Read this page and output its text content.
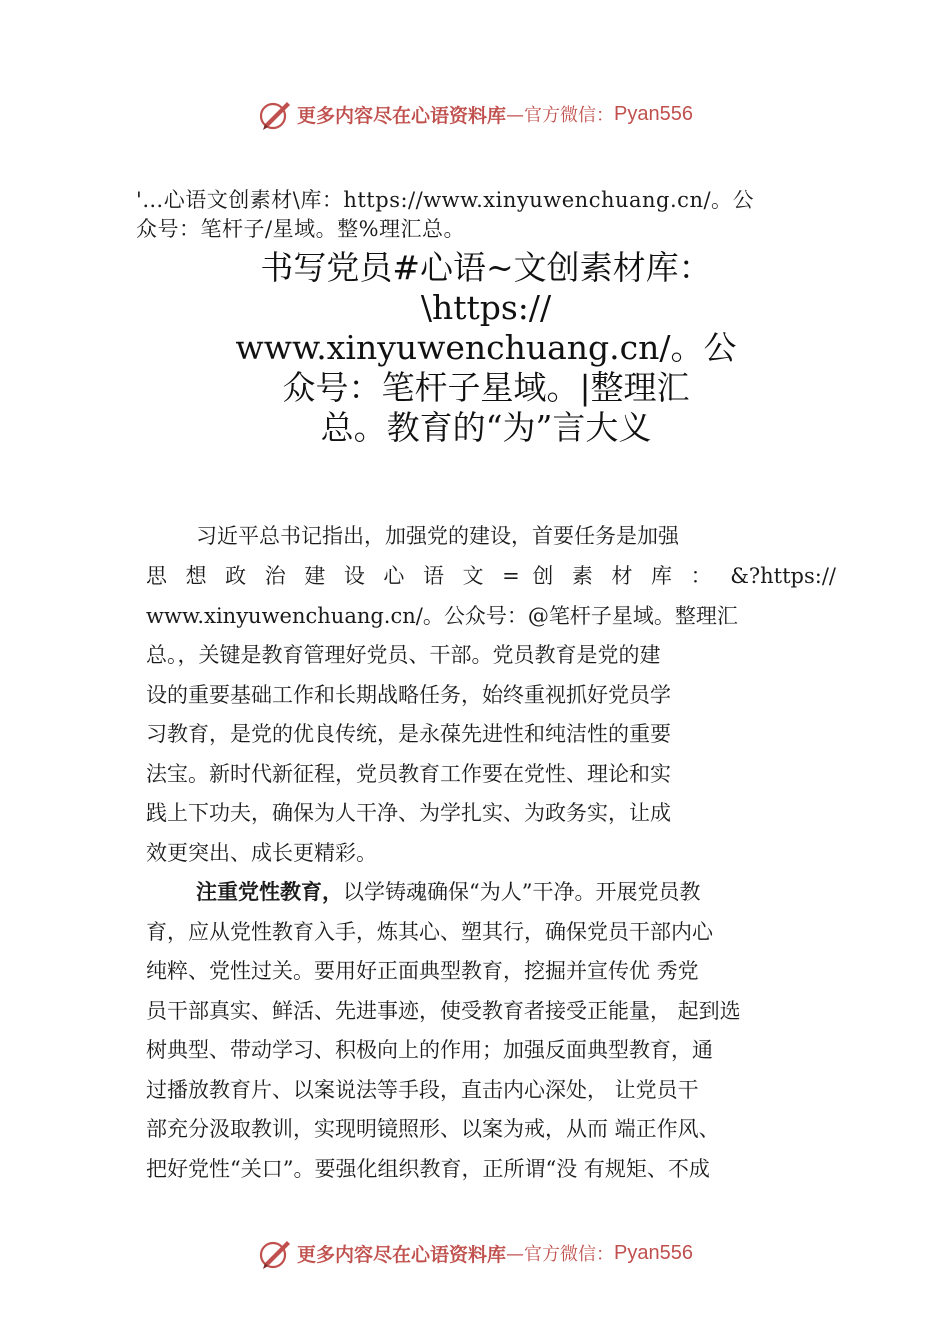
更多内容尽在心语资料库 —官方微信： Pyan556
'…心语文创素材\库：https://www.xinyuwenchuang.cn/。公
众号：笔杆子/星域。整%理汇总。
书写党员#心语~文创素材库：
\https://
www.xinyuwenchuang.cn/。公
众号：笔杆子星域。|整理汇
总。教育的“为”言大义
习近平总书记指出，加强党的建设，首要任务是加强
思 想 政 治 建 设 心 语 文 = 创 素 材 库 ： &?https://
www.xinyuwenchuang.cn/。公众号：@笔杆子星域。整理汇
总。，关键是教育管理好党员、干部。党员教育是党的建
设的重要基础工作和长期战略任务，始终重视抓好党员学
习教育，是党的优良传统，是永葆先进性和纯洁性的重要
法宝。新时代新征程，党员教育工作要在党性、理论和实
践上下功夫，确保为人干净、为学扎实、为政务实，让成
效更突出、成长更精彩。
注重党性教育，以学铸魂确保“为人”干净。开展党员教
育，应从党性教育入手，炼其心、塑其行，确保党员干部内心
纯粹、党性过关。要用好正面典型教育，挖掘并宣传优 秀党
员干部真实、鲜活、先进事迹，使受教育者接受正能量， 起到选
树典型、带动学习、积极向上的作用；加强反面典型教育，通
过播放教育片、以案说法等手段，直击内心深处， 让党员干
部充分汲取教训，实现明镜照形、以案为戒，从而 端正作风、
把好党性“关口”。要强化组织教育，正所谓“没 有规矩、不成
更多内容尽在心语资料库 —官方微信： Pyan556
